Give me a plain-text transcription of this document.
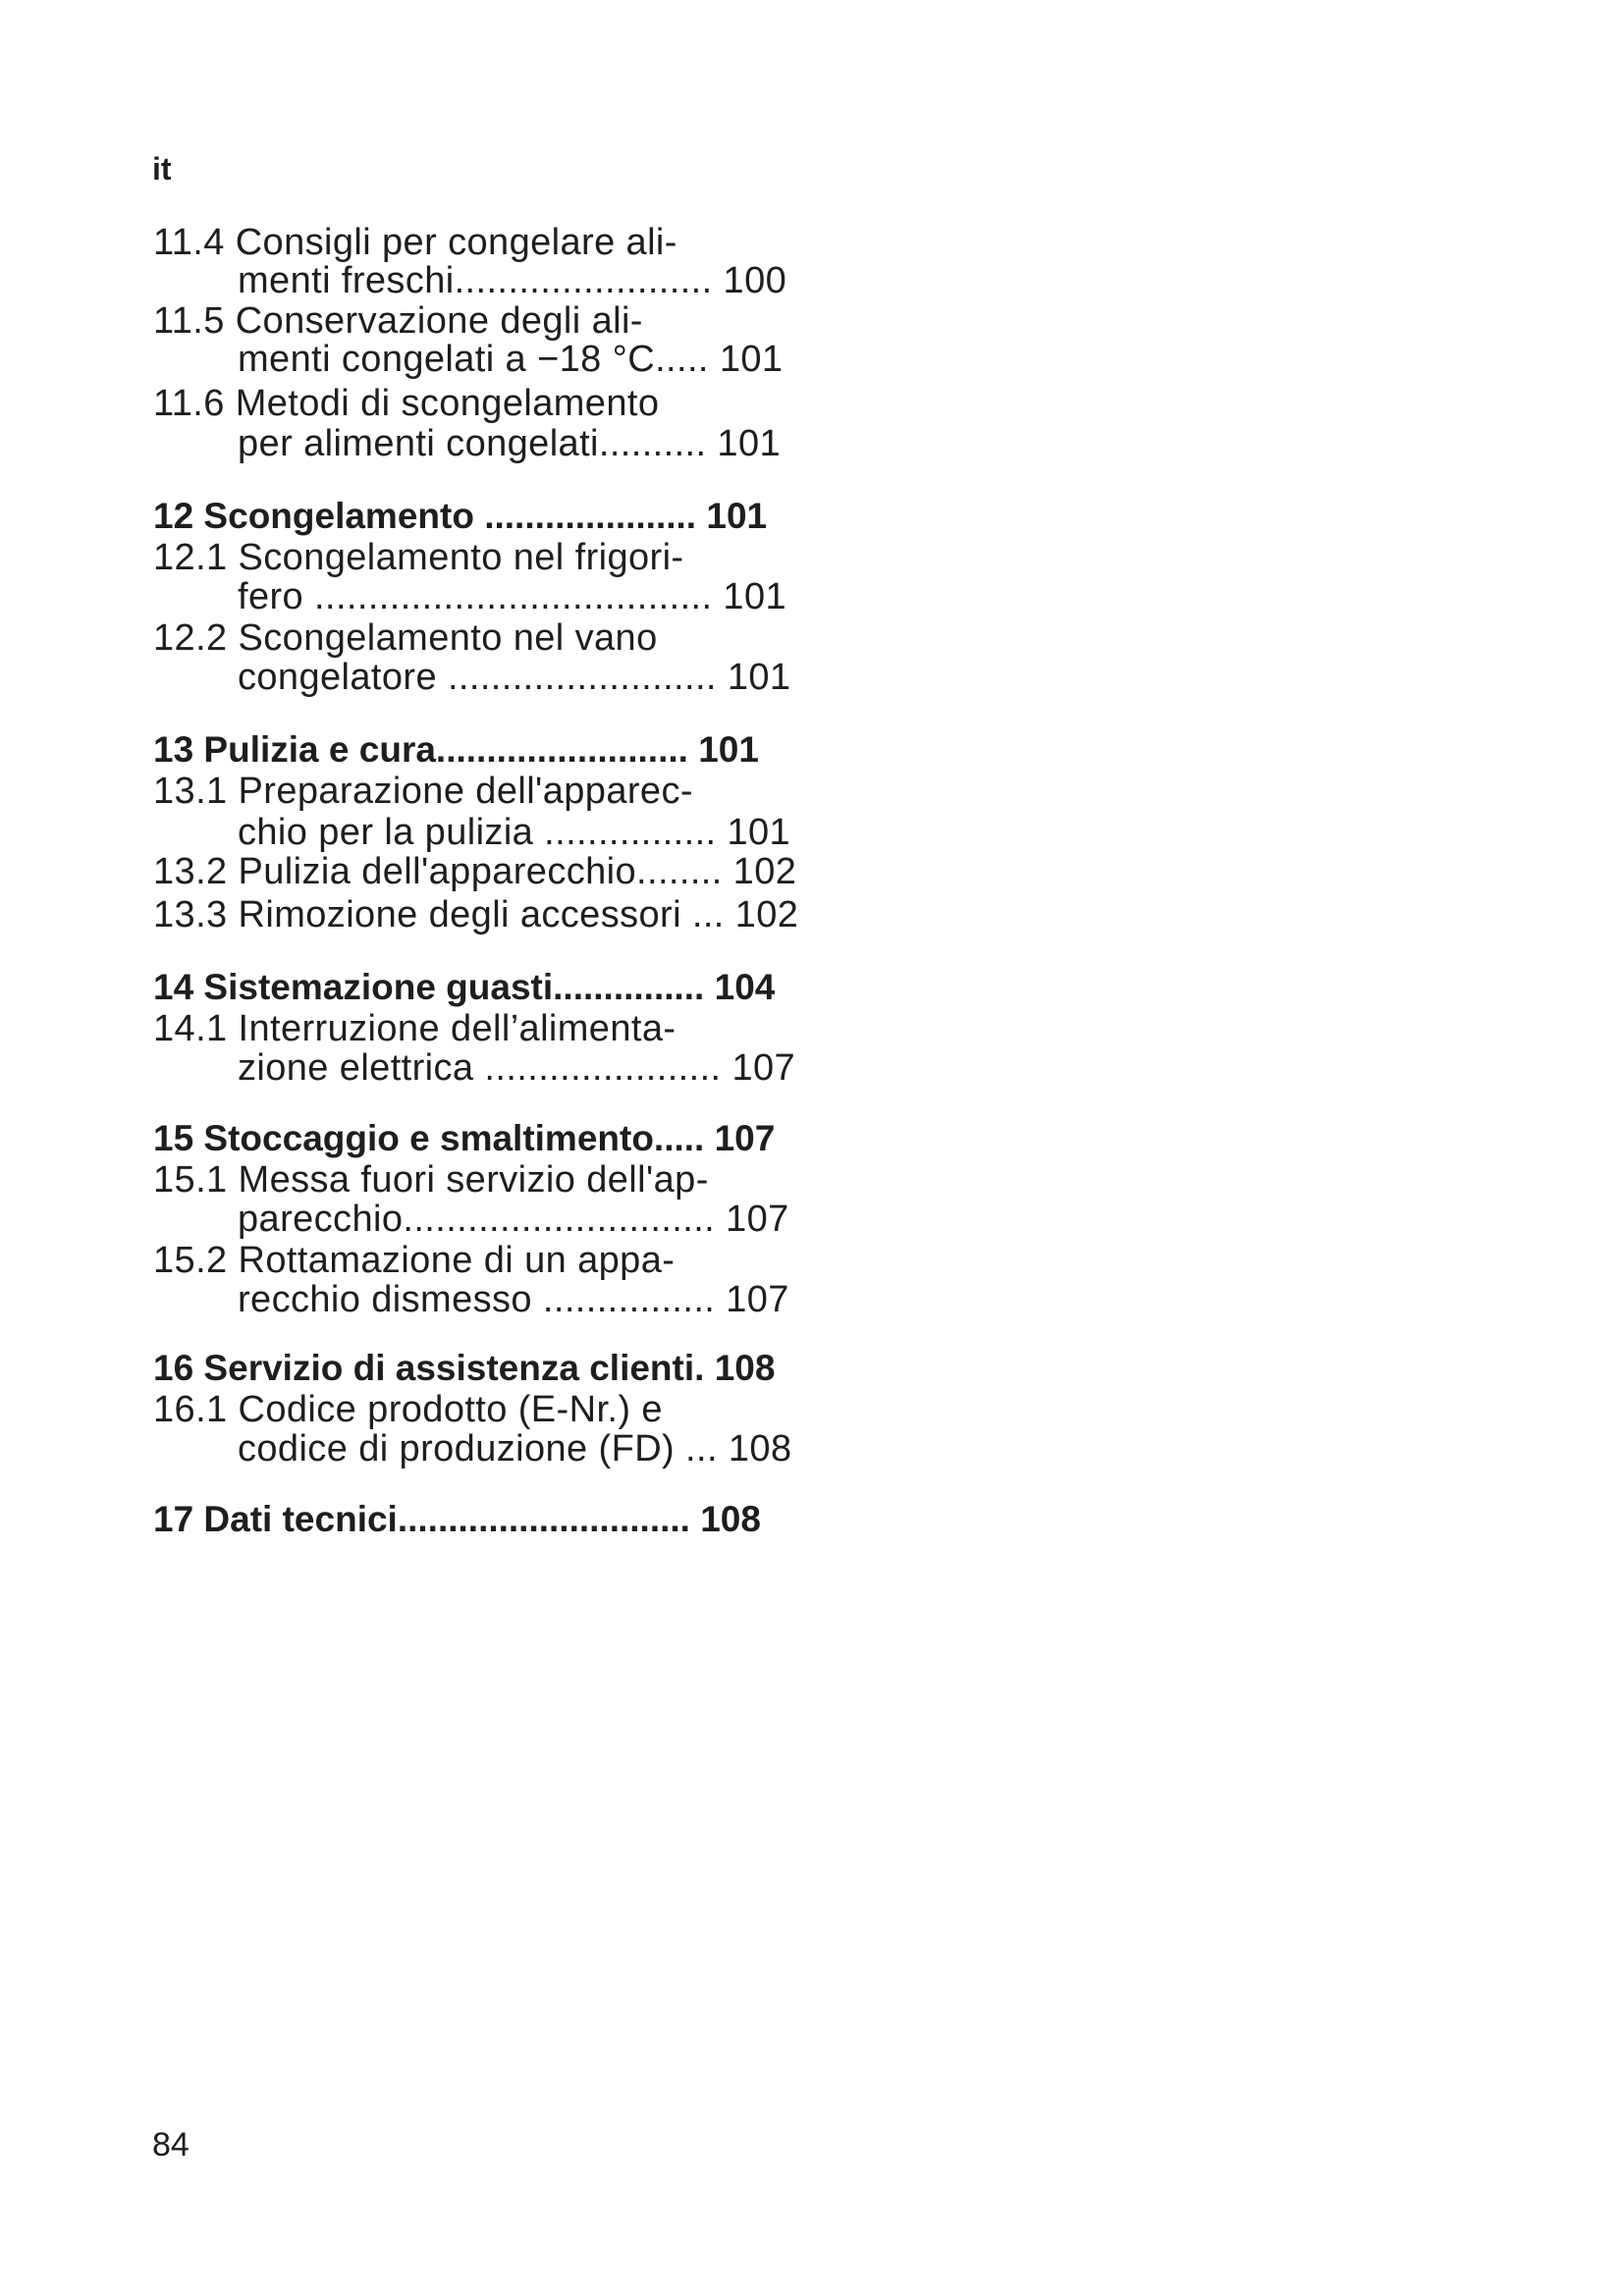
it
11.4 Consigli per congelare ali-
menti freschi........................ 100
11.5 Conservazione degli ali-
menti congelati a −18 °C..... 101
11.6 Metodi di scongelamento
per alimenti congelati.......... 101
12 Scongelamento ..................... 101
12.1 Scongelamento nel frigori-
fero ..................................... 101
12.2 Scongelamento nel vano
congelatore ......................... 101
13 Pulizia e cura......................... 101
13.1 Preparazione dell'apparec-
chio per la pulizia ................ 101
13.2 Pulizia dell'apparecchio........ 102
13.3 Rimozione degli accessori ... 102
14 Sistemazione guasti............... 104
14.1 Interruzione dell’alimenta-
zione elettrica ...................... 107
15 Stoccaggio e smaltimento..... 107
15.1 Messa fuori servizio dell'ap-
parecchio............................. 107
15.2 Rottamazione di un appa-
recchio dismesso ................ 107
16 Servizio di assistenza clienti. 108
16.1 Codice prodotto (E-Nr.) e
codice di produzione (FD) ... 108
17 Dati tecnici............................. 108
84
